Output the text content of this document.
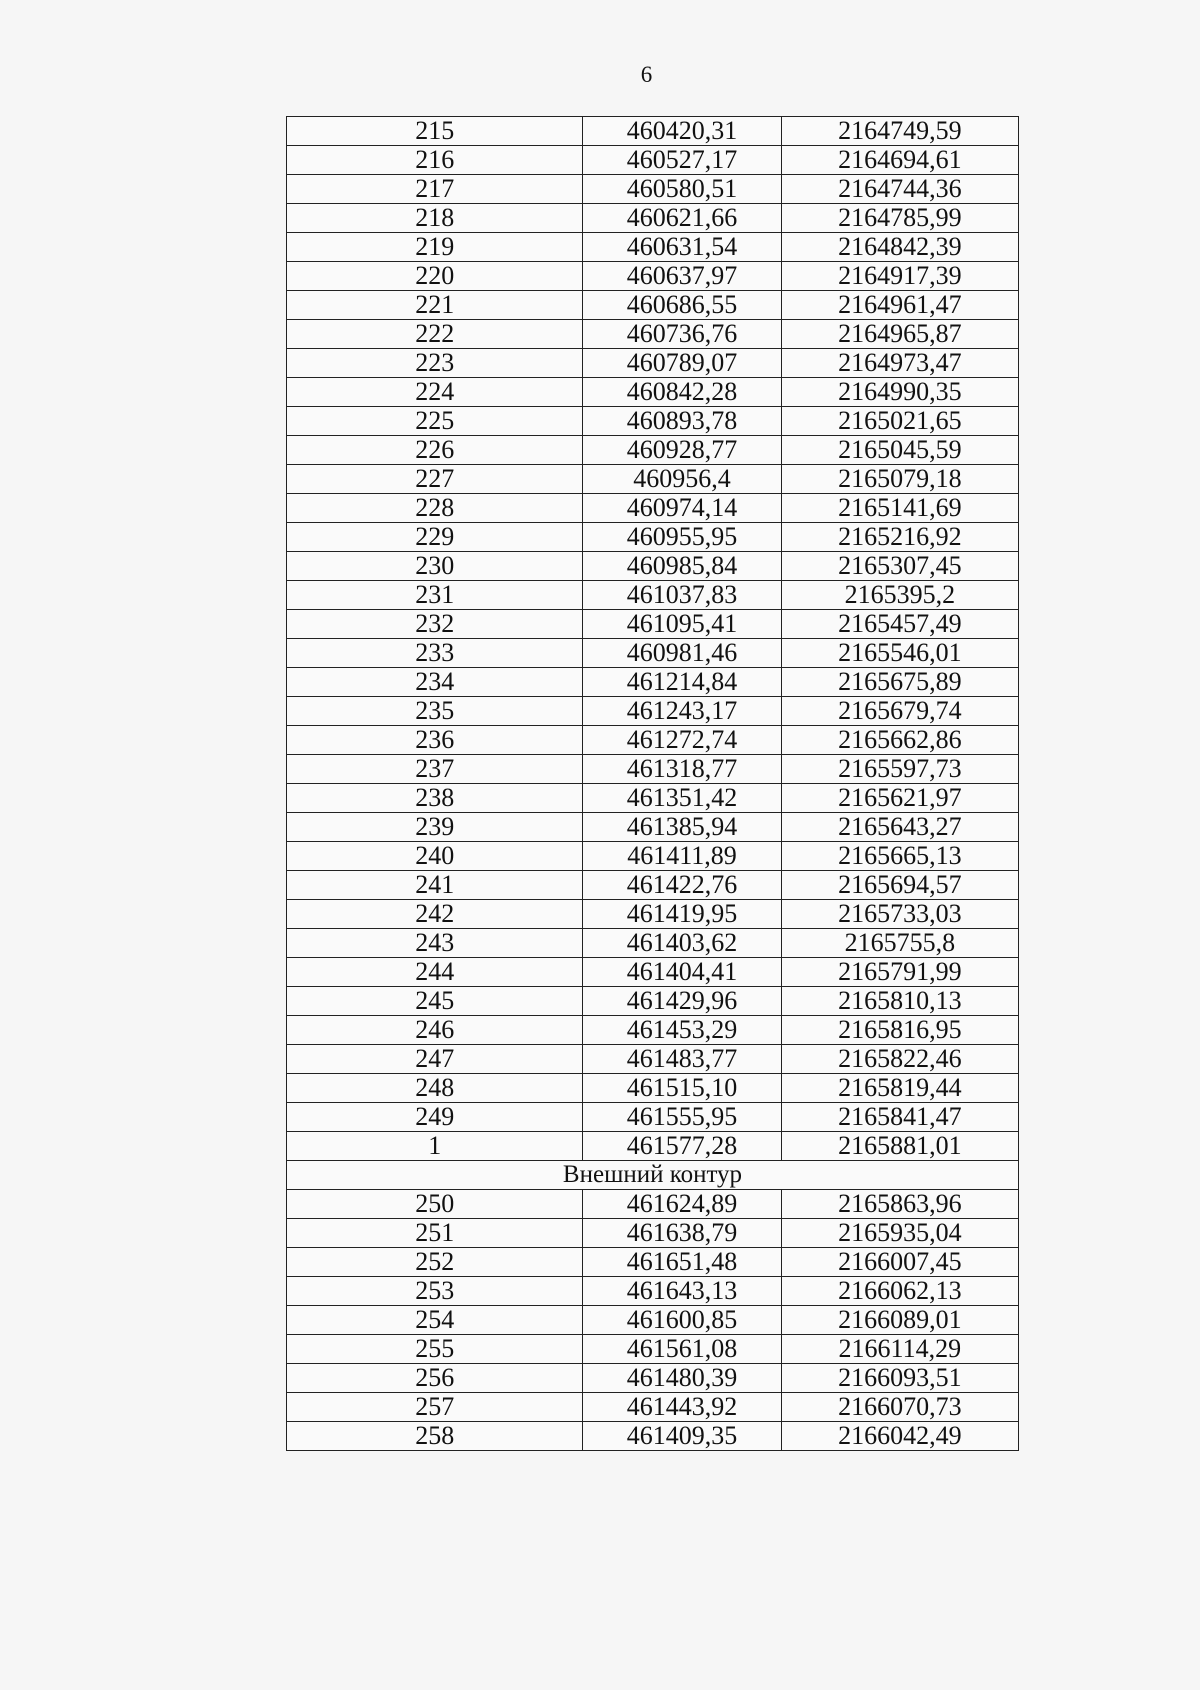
6
215	460420,31	2164749,59
216	460527,17	2164694,61
217	460580,51	2164744,36
218	460621,66	2164785,99
219	460631,54	2164842,39
220	460637,97	2164917,39
221	460686,55	2164961,47
222	460736,76	2164965,87
223	460789,07	2164973,47
224	460842,28	2164990,35
225	460893,78	2165021,65
226	460928,77	2165045,59
227	460956,4	2165079,18
228	460974,14	2165141,69
229	460955,95	2165216,92
230	460985,84	2165307,45
231	461037,83	2165395,2
232	461095,41	2165457,49
233	460981,46	2165546,01
234	461214,84	2165675,89
235	461243,17	2165679,74
236	461272,74	2165662,86
237	461318,77	2165597,73
238	461351,42	2165621,97
239	461385,94	2165643,27
240	461411,89	2165665,13
241	461422,76	2165694,57
242	461419,95	2165733,03
243	461403,62	2165755,8
244	461404,41	2165791,99
245	461429,96	2165810,13
246	461453,29	2165816,95
247	461483,77	2165822,46
248	461515,10	2165819,44
249	461555,95	2165841,47
1	461577,28	2165881,01
Внешний контур		
250	461624,89	2165863,96
251	461638,79	2165935,04
252	461651,48	2166007,45
253	461643,13	2166062,13
254	461600,85	2166089,01
255	461561,08	2166114,29
256	461480,39	2166093,51
257	461443,92	2166070,73
258	461409,35	2166042,49
